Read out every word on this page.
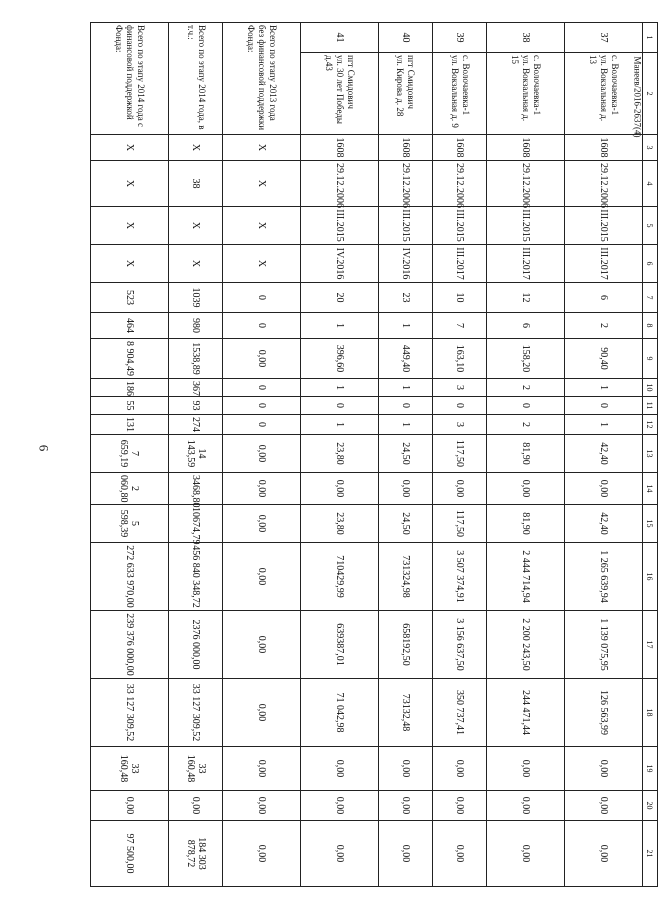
6
Манеев/2016-2637(4)
1	2	3	4	5	6	7	8	9	10	11	12	13	14	15	16	17	18	19	20	21
37	с. Волочаевка-1
ул. Вокзальная д. 13	1608	29.12.2006	III.2015	III.2017	6	2	90,40	1	0	1	42,40	0,00	42,40	1 265 639,94	1 139 075,95	126 563,99	0,00	0,00	0,00
38	с. Волочаевка-1
ул. Вокзальная д. 15	1608	29.12.2006	III.2015	III.2017	12	6	158,20	2	0	2	81,90	0,00	81,90	2 444 714,94	2 200 243,50	244 471,44	0,00	0,00	0,00
39	с. Волочаевка-1
ул. Вокзальная д. 9	1608	29.12.2006	III.2015	III.2017	10	7	163,10	3	0	3	117,50	0,00	117,50	3 507 374,91	3 156 637,50	350 737,41	0,00	0,00	0,00
40	пгт Смидович
ул. Кирова д. 28	1608	29.12.2006	III.2015	IV.2016	23	1	449,40	1	0	1	24,50	0,00	24,50	731324,98	658192,50	73132,48	0,00	0,00	0,00
41	пгт Смидович
ул. 30 лет Победы д.43	1608	29.12.2006	III.2015	IV.2016	20	1	396,60	1	0	1	23,80	0,00	23,80	710429,99	639387,01	71 042,98	0,00	0,00	0,00
Всего по этапу 2013 года без финансовой поддержки Фонда:		X	X	X	X	0	0	0,00	0	0	0	0,00	0,00	0,00	0,00	0,00	0,00	0,00	0,00	0,00
Всего по этапу 2014 года, в т.ч.:		X	38	X	X	1039	980	1538,89	367	93	274	14 143,59	3468,80	10674,79	456 840 348,72	2376 000,00	33 127 309,52	33 160,48	0,00	184 303 878,72
Всего по этапу 2014 года с финансовой поддержкой Фонда:		X	X	X	X	523	464	8 904,49	186	55	131	7 659,19	2 060,80	5 598,39	272 633 970,00	239 376 000,00	33 127 309,52	33 160,48	0,00	97 500,00
